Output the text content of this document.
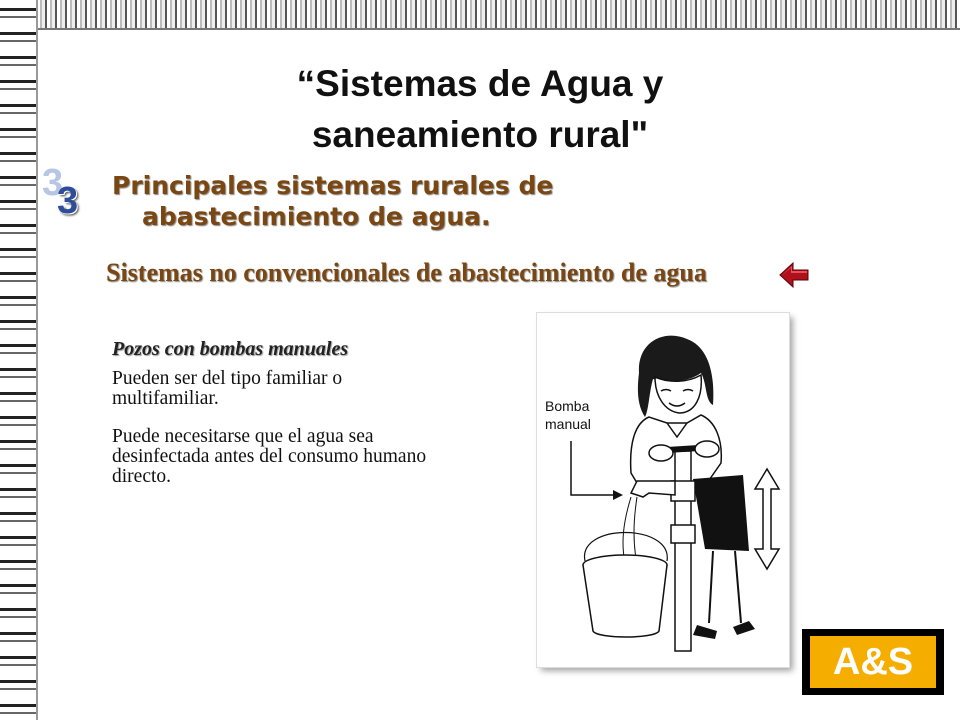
“Sistemas de Agua y saneamiento rural"
3
3 Principales sistemas rurales de abastecimiento de agua.
Sistemas no convencionales de abastecimiento de agua
Pozos con bombas manuales
Pueden ser del tipo familiar o multifamiliar.
Puede necesitarse que el agua sea desinfectada antes del consumo humano directo.
Bomba
manual
A&S
